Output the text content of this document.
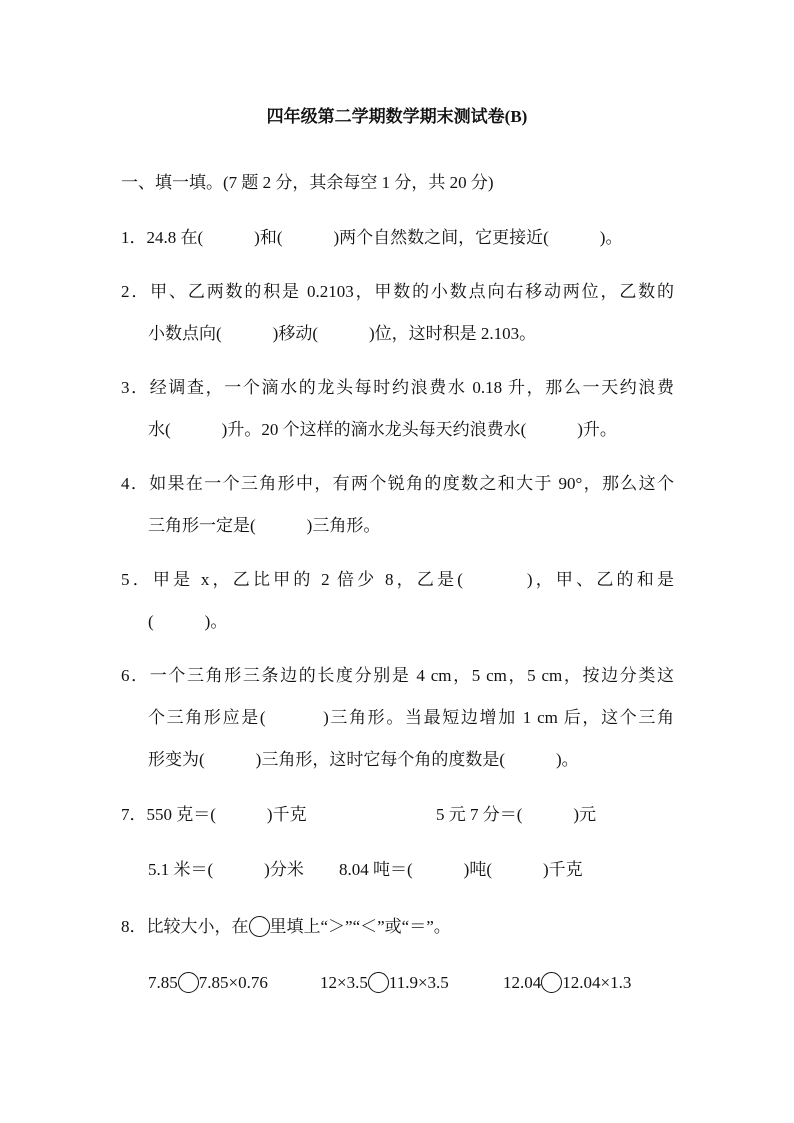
四年级第二学期数学期末测试卷(B)
一、填一填。(7 题 2 分，其余每空 1 分，共 20 分)
1．24.8 在(　　　)和(　　　)两个自然数之间，它更接近(　　　)。
2．甲、乙两数的积是 0.2103，甲数的小数点向右移动两位，乙数的
小数点向(　　　)移动(　　　)位，这时积是 2.103。
3．经调查，一个滴水的龙头每时约浪费水 0.18 升，那么一天约浪费
水(　　　)升。20 个这样的滴水龙头每天约浪费水(　　　)升。
4．如果在一个三角形中，有两个锐角的度数之和大于 90°，那么这个
三角形一定是(　　　)三角形。
5．甲是 x，乙比甲的 2 倍少 8，乙是(　　　)，甲、乙的和是
(　　　)。
6．一个三角形三条边的长度分别是 4 cm，5 cm，5 cm，按边分类这
个三角形应是(　　　)三角形。当最短边增加 1 cm 后，这个三角
形变为(　　　)三角形，这时它每个角的度数是(　　　)。
7．550 克＝(　　　)千克	5 元 7 分＝(　　　)元
5.1 米＝(　　　)分米 8.04 吨＝(　　　)吨(　　　)千克
8．比较大小，在 里填上“＞”“＜”或“＝”。
7.85 7.85×0.76	12×3.5 11.9×3.5	12.04 12.04×1.3
